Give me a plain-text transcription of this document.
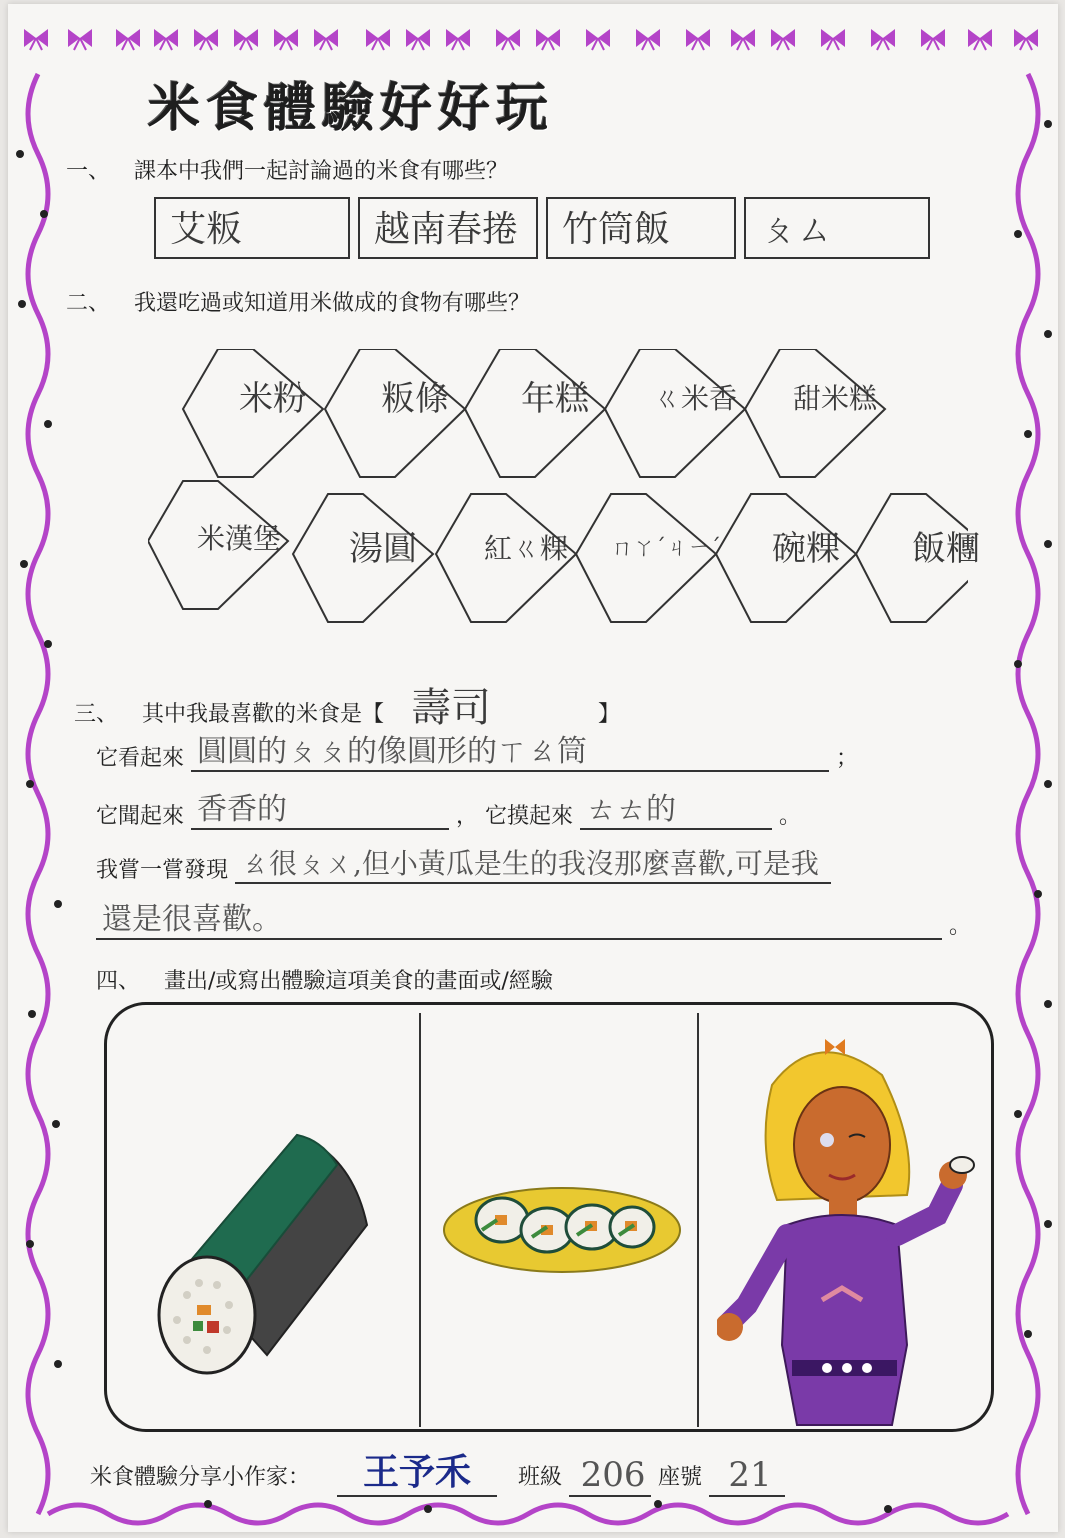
米食體驗好好玩
一、 課本中我們一起討論過的米食有哪些？
艾粄	越南春捲	竹筒飯	ㄆㄙ
二、 我還吃過或知道用米做成的食物有哪些？
米粉	粄條	年糕	ㄍ米香	甜米糕
米漢堡	湯圓	紅ㄍ粿	ㄇㄚˊㄐㄧˊ	碗粿	飯糰
三、 其中我最喜歡的米食是【 壽司	】
它看起來 圓圓的ㄆㄆ的像圓形的ㄒㄠ筒	；
它聞起來 香香的	， 它摸起來 ㄊㄊ的	。
我嘗一嘗發現 ㄠ很ㄆㄨ,但小黃瓜是生的我沒那麼喜歡,可是我
還是很喜歡。	。
四、 畫出/或寫出體驗這項美食的畫面或/經驗
米食體驗分享小作家： 王予禾 班級 206 座號 21
